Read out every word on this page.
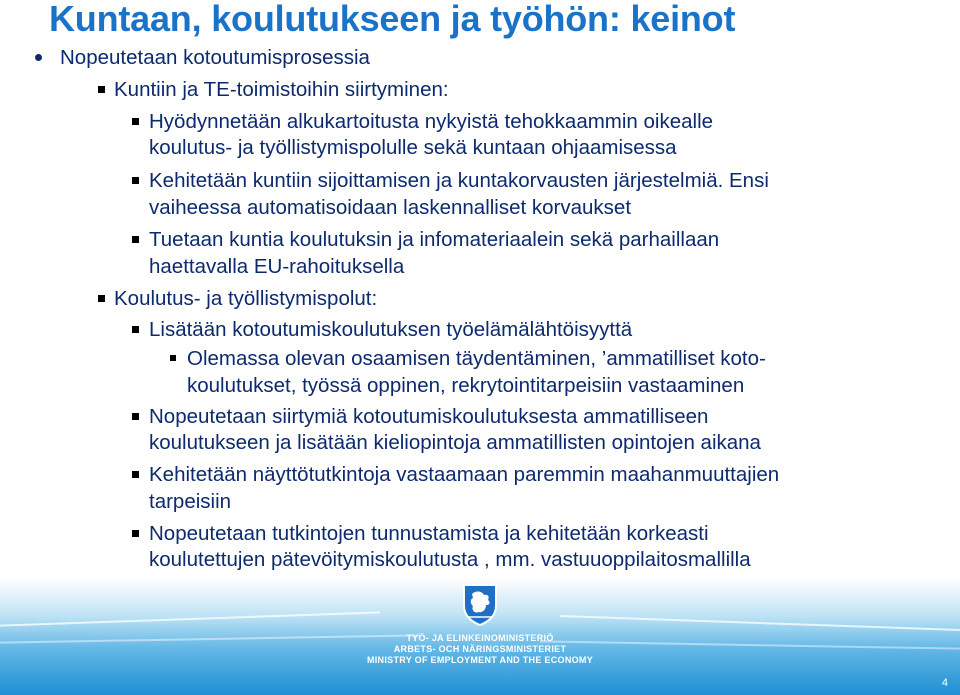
Kuntaan, koulutukseen ja työhön: keinot
Nopeutetaan kotoutumisprosessia
Kuntiin ja TE-toimistoihin siirtyminen:
Hyödynnetään alkukartoitusta nykyistä tehokkaammin oikealle
koulutus- ja työllistymispolulle sekä kuntaan ohjaamisessa
Kehitetään kuntiin sijoittamisen ja kuntakorvausten järjestelmiä. Ensi
vaiheessa automatisoidaan laskennalliset korvaukset
Tuetaan kuntia koulutuksin ja infomateriaalein sekä parhaillaan
haettavalla EU-rahoituksella
Koulutus- ja työllistymispolut:
Lisätään kotoutumiskoulutuksen työelämälähtöisyyttä
Olemassa olevan osaamisen täydentäminen, ’ammatilliset koto-
koulutukset, työssä oppinen, rekrytointitarpeisiin vastaaminen
Nopeutetaan siirtymiä kotoutumiskoulutuksesta ammatilliseen
koulutukseen ja lisätään kieliopintoja ammatillisten opintojen aikana
Kehitetään näyttötutkintoja vastaamaan paremmin maahanmuuttajien
tarpeisiin
Nopeutetaan tutkintojen tunnustamista ja kehitetään korkeasti
koulutettujen pätevöitymiskoulutusta , mm. vastuuoppilaitosmallilla
TYÖ- JA ELINKEINOMINISTERIÖ
ARBETS- OCH NÄRINGSMINISTERIET
MINISTRY OF EMPLOYMENT AND THE ECONOMY
4
